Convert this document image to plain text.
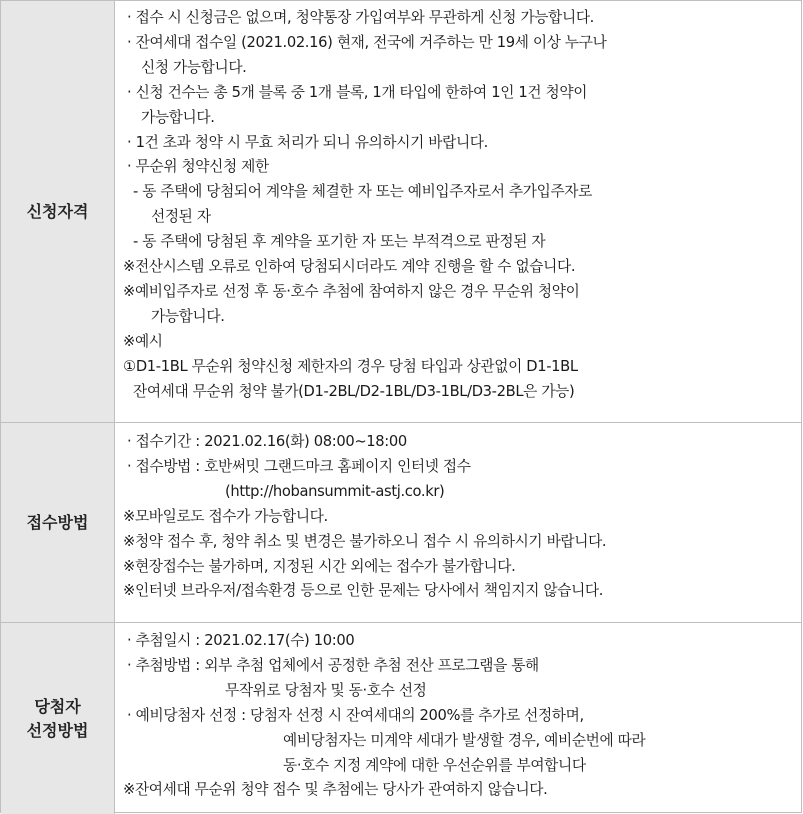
신청자격
· 접수 시 신청금은 없으며, 청약통장 가입여부와 무관하게 신청 가능합니다.
· 잔여세대 접수일 (2021.02.16) 현재, 전국에 거주하는 만 19세 이상 누구나
신청 가능합니다.
· 신청 건수는 총 5개 블록 중 1개 블록, 1개 타입에 한하여 1인 1건 청약이
가능합니다.
· 1건 초과 청약 시 무효 처리가 되니 유의하시기 바랍니다.
· 무순위 청약신청 제한
- 동 주택에 당첨되어 계약을 체결한 자 또는 예비입주자로서 추가입주자로
선정된 자
- 동 주택에 당첨된 후 계약을 포기한 자 또는 부적격으로 판정된 자
※전산시스템 오류로 인하여 당첨되시더라도 계약 진행을 할 수 없습니다.
※예비입주자로 선정 후 동·호수 추첨에 참여하지 않은 경우 무순위 청약이
가능합니다.
※예시
①D1-1BL 무순위 청약신청 제한자의 경우 당첨 타입과 상관없이 D1-1BL
잔여세대 무순위 청약 불가(D1-2BL/D2-1BL/D3-1BL/D3-2BL은 가능)
접수방법
· 접수기간 : 2021.02.16(화) 08:00~18:00
· 접수방법 : 호반써밋 그랜드마크 홈페이지 인터넷 접수
(http://hobansummit-astj.co.kr)
※모바일로도 접수가 가능합니다.
※청약 접수 후, 청약 취소 및 변경은 불가하오니 접수 시 유의하시기 바랍니다.
※현장접수는 불가하며, 지정된 시간 외에는 접수가 불가합니다.
※인터넷 브라우저/접속환경 등으로 인한 문제는 당사에서 책임지지 않습니다.
당첨자
선정방법
· 추첨일시 : 2021.02.17(수) 10:00
· 추첨방법 : 외부 추첨 업체에서 공정한 추첨 전산 프로그램을 통해
무작위로 당첨자 및 동·호수 선정
· 예비당첨자 선정 : 당첨자 선정 시 잔여세대의 200%를 추가로 선정하며,
예비당첨자는 미계약 세대가 발생할 경우, 예비순번에 따라
동·호수 지정 계약에 대한 우선순위를 부여합니다
※잔여세대 무순위 청약 접수 및 추첨에는 당사가 관여하지 않습니다.
